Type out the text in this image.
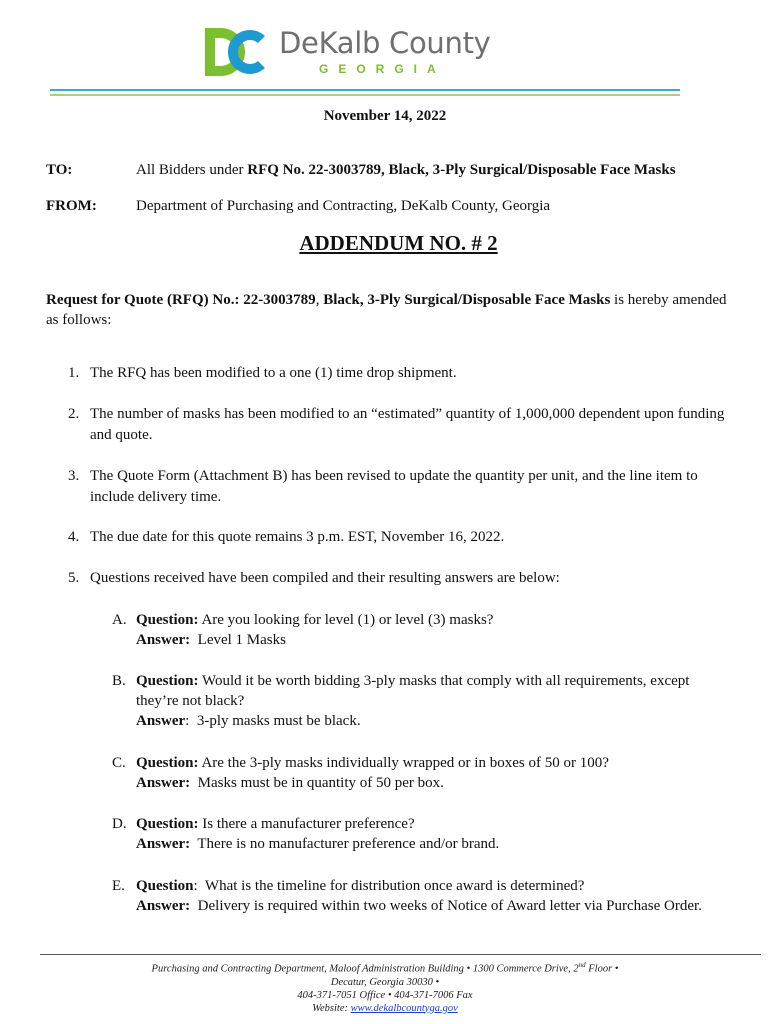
DeKalb County
GEORGIA
November 14, 2022
TO:	All Bidders under RFQ No. 22-3003789, Black, 3-Ply Surgical/Disposable Face Masks
FROM:	Department of Purchasing and Contracting, DeKalb County, Georgia
ADDENDUM NO. # 2
Request for Quote (RFQ) No.: 22-3003789, Black, 3-Ply Surgical/Disposable Face Masks is hereby amended
as follows:
1. The RFQ has been modified to a one (1) time drop shipment.
2. The number of masks has been modified to an “estimated” quantity of 1,000,000 dependent upon funding
and quote.
3. The Quote Form (Attachment B) has been revised to update the quantity per unit, and the line item to
include delivery time.
4. The due date for this quote remains 3 p.m. EST, November 16, 2022.
5. Questions received have been compiled and their resulting answers are below:
A. Question: Are you looking for level (1) or level (3) masks?
Answer:  Level 1 Masks
B. Question: Would it be worth bidding 3-ply masks that comply with all requirements, except
they’re not black?
Answer:  3-ply masks must be black.
C. Question: Are the 3-ply masks individually wrapped or in boxes of 50 or 100?
Answer:  Masks must be in quantity of 50 per box.
D. Question: Is there a manufacturer preference?
Answer:  There is no manufacturer preference and/or brand.
E. Question:  What is the timeline for distribution once award is determined?
Answer:  Delivery is required within two weeks of Notice of Award letter via Purchase Order.
Purchasing and Contracting Department, Maloof Administration Building • 1300 Commerce Drive, 2nd Floor •
Decatur, Georgia 30030 •
404-371-7051 Office • 404-371-7006 Fax
Website: www.dekalbcountyga.gov
